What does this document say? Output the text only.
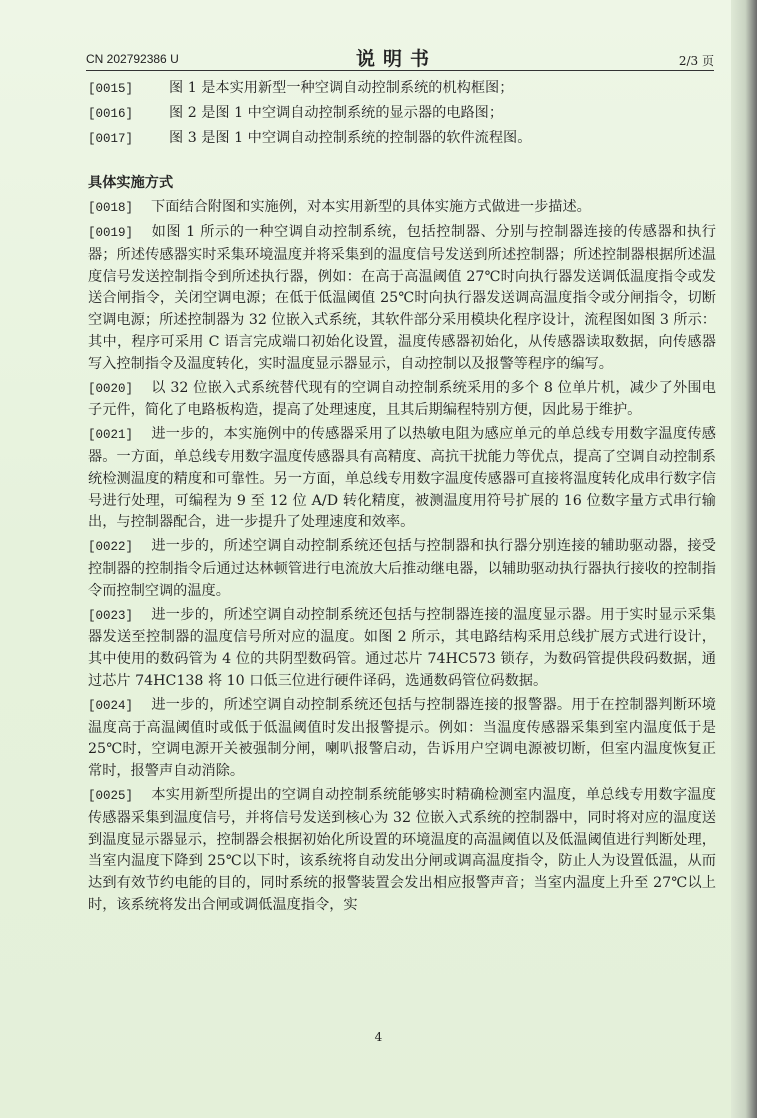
CN 202792386 U	说明书	2/3 页

[0015]	图 1 是本实用新型一种空调自动控制系统的机构框图；

[0016]	图 2 是图 1 中空调自动控制系统的显示器的电路图；

[0017]	图 3 是图 1 中空调自动控制系统的控制器的软件流程图。

具体实施方式

[0018] 下面结合附图和实施例，对本实用新型的具体实施方式做进一步描述。

[0019] 如图 1 所示的一种空调自动控制系统，包括控制器、分别与控制器连接的传感器和执行器；所述传感器实时采集环境温度并将采集到的温度信号发送到所述控制器；所述控制器根据所述温度信号发送控制指令到所述执行器，例如：在高于高温阈值 27℃时向执行器发送调低温度指令或发送合闸指令，关闭空调电源；在低于低温阈值 25℃时向执行器发送调高温度指令或分闸指令，切断空调电源；所述控制器为 32 位嵌入式系统，其软件部分采用模块化程序设计，流程图如图 3 所示：其中，程序可采用 C 语言完成端口初始化设置，温度传感器初始化，从传感器读取数据，向传感器写入控制指令及温度转化，实时温度显示器显示，自动控制以及报警等程序的编写。

[0020] 以 32 位嵌入式系统替代现有的空调自动控制系统采用的多个 8 位单片机，减少了外围电子元件，简化了电路板构造，提高了处理速度，且其后期编程特别方便，因此易于维护。

[0021] 进一步的，本实施例中的传感器采用了以热敏电阻为感应单元的单总线专用数字温度传感器。一方面，单总线专用数字温度传感器具有高精度、高抗干扰能力等优点，提高了空调自动控制系统检测温度的精度和可靠性。另一方面，单总线专用数字温度传感器可直接将温度转化成串行数字信号进行处理，可编程为 9 至 12 位 A/D 转化精度，被测温度用符号扩展的 16 位数字量方式串行输出，与控制器配合，进一步提升了处理速度和效率。

[0022] 进一步的，所述空调自动控制系统还包括与控制器和执行器分别连接的辅助驱动器，接受控制器的控制指令后通过达林顿管进行电流放大后推动继电器，以辅助驱动执行器执行接收的控制指令而控制空调的温度。

[0023] 进一步的，所述空调自动控制系统还包括与控制器连接的温度显示器。用于实时显示采集器发送至控制器的温度信号所对应的温度。如图 2 所示，其电路结构采用总线扩展方式进行设计，其中使用的数码管为 4 位的共阴型数码管。通过芯片 74HC573 锁存，为数码管提供段码数据，通过芯片 74HC138 将 10 口低三位进行硬件译码，选通数码管位码数据。

[0024] 进一步的，所述空调自动控制系统还包括与控制器连接的报警器。用于在控制器判断环境温度高于高温阈值时或低于低温阈值时发出报警提示。例如：当温度传感器采集到室内温度低于是 25℃时，空调电源开关被强制分闸，喇叭报警启动，告诉用户空调电源被切断，但室内温度恢复正常时，报警声自动消除。

[0025] 本实用新型所提出的空调自动控制系统能够实时精确检测室内温度，单总线专用数字温度传感器采集到温度信号，并将信号发送到核心为 32 位嵌入式系统的控制器中，同时将对应的温度送到温度显示器显示，控制器会根据初始化所设置的环境温度的高温阈值以及低温阈值进行判断处理，当室内温度下降到 25℃以下时，该系统将自动发出分闸或调高温度指令，防止人为设置低温，从而达到有效节约电能的目的，同时系统的报警装置会发出相应报警声音；当室内温度上升至 27℃以上时，该系统将发出合闸或调低温度指令，实

4
